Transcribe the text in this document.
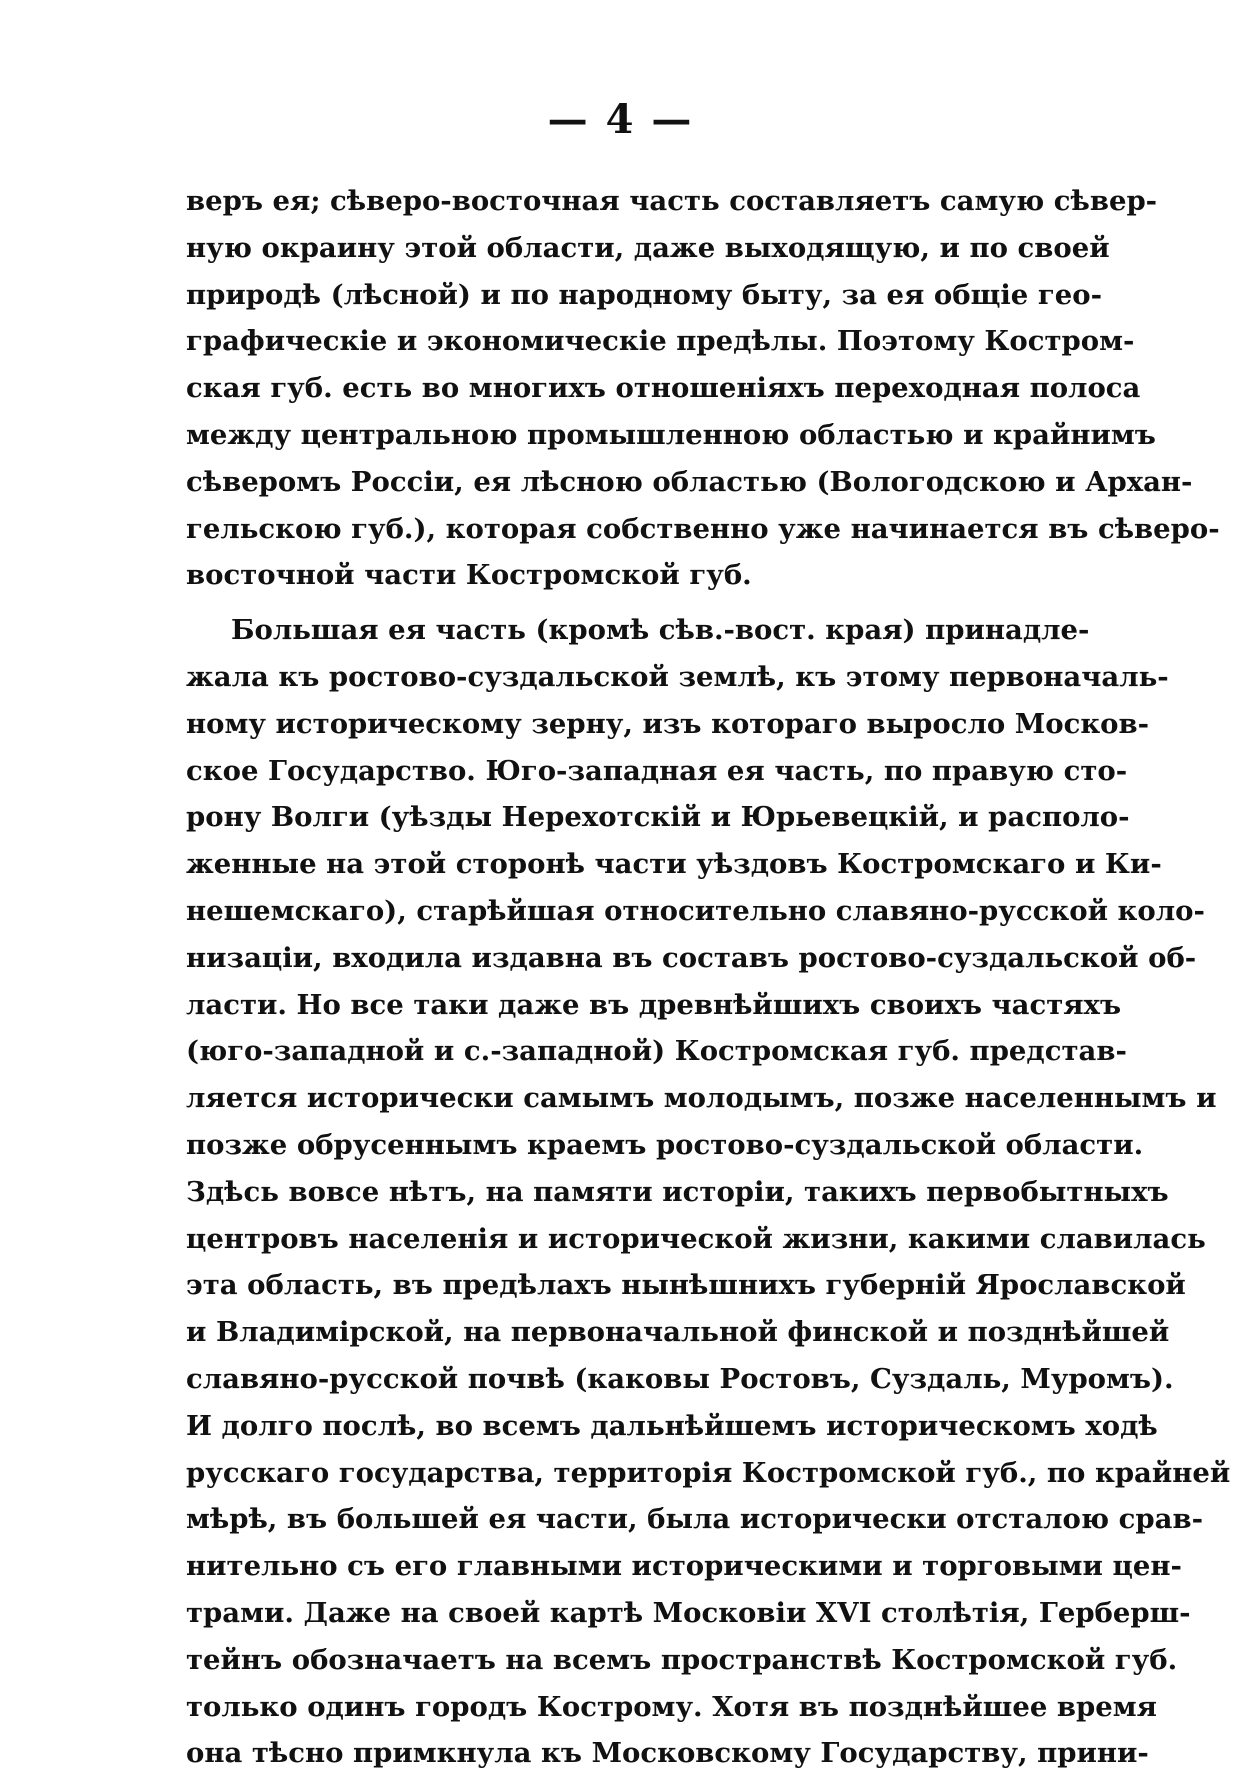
— 4 —
веръ ея; сѣверо-восточная часть составляетъ самую сѣвер-
ную окраину этой области, даже выходящую, и по своей
природѣ (лѣсной) и по народному быту, за ея общіе гео-
графическіе и экономическіе предѣлы. Поэтому Костром-
ская губ. есть во многихъ отношеніяхъ переходная полоса
между центральною промышленною областью и крайнимъ
сѣверомъ Россіи, ея лѣсною областью (Вологодскою и Архан-
гельскою губ.), которая собственно уже начинается въ сѣверо-
восточной части Костромской губ.
Большая ея часть (кромѣ сѣв.-вост. края) принадле-
жала къ ростово-суздальской землѣ, къ этому первоначаль-
ному историческому зерну, изъ котораго выросло Москов-
ское Государство. Юго-западная ея часть, по правую сто-
рону Волги (уѣзды Нерехотскій и Юрьевецкій, и располо-
женные на этой сторонѣ части уѣздовъ Костромскаго и Ки-
нешемскаго), старѣйшая относительно славяно-русской коло-
низаціи, входила издавна въ составъ ростово-суздальской об-
ласти. Но все таки даже въ древнѣйшихъ своихъ частяхъ
(юго-западной и с.-западной) Костромская губ. представ-
ляется исторически самымъ молодымъ, позже населеннымъ и
позже обрусеннымъ краемъ ростово-суздальской области.
Здѣсь вовсе нѣтъ, на памяти исторіи, такихъ первобытныхъ
центровъ населенія и исторической жизни, какими славилась
эта область, въ предѣлахъ нынѣшнихъ губерній Ярославской
и Владимірской, на первоначальной финской и позднѣйшей
славяно-русской почвѣ (каковы Ростовъ, Суздаль, Муромъ).
И долго послѣ, во всемъ дальнѣйшемъ историческомъ ходѣ
русскаго государства, территорія Костромской губ., по крайней
мѣрѣ, въ большей ея части, была исторически отсталою срав-
нительно съ его главными историческими и торговыми цен-
трами. Даже на своей картѣ Московіи XVI столѣтія, Герберш-
тейнъ обозначаетъ на всемъ пространствѣ Костромской губ.
только одинъ городъ Кострому. Хотя въ позднѣйшее время
она тѣсно примкнула къ Московскому Государству, прини-
